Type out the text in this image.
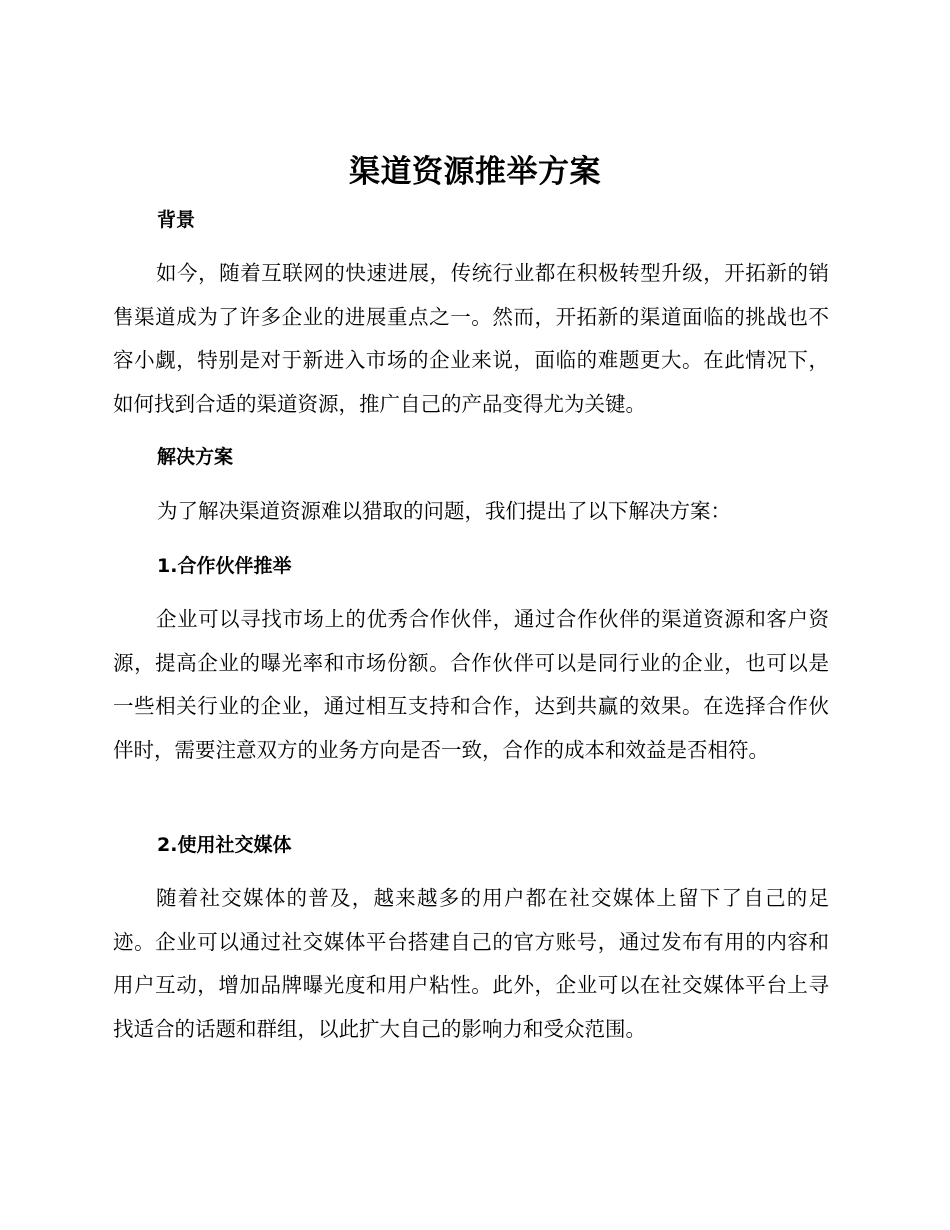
渠道资源推举方案
背景

如今，随着互联网的快速进展，传统行业都在积极转型升级，开拓新的销售渠道成为了许多企业的进展重点之一。然而，开拓新的渠道面临的挑战也不容小觑，特别是对于新进入市场的企业来说，面临的难题更大。在此情况下，如何找到合适的渠道资源，推广自己的产品变得尤为关键。

解决方案
为了解决渠道资源难以猎取的问题，我们提出了以下解决方案：
1.合作伙伴推举

企业可以寻找市场上的优秀合作伙伴，通过合作伙伴的渠道资源和客户资源，提高企业的曝光率和市场份额。合作伙伴可以是同行业的企业，也可以是一些相关行业的企业，通过相互支持和合作，达到共赢的效果。在选择合作伙伴时，需要注意双方的业务方向是否一致，合作的成本和效益是否相符。

2.使用社交媒体

随着社交媒体的普及，越来越多的用户都在社交媒体上留下了自己的足迹。企业可以通过社交媒体平台搭建自己的官方账号，通过发布有用的内容和用户互动，增加品牌曝光度和用户粘性。此外，企业可以在社交媒体平台上寻找适合的话题和群组，以此扩大自己的影响力和受众范围。
